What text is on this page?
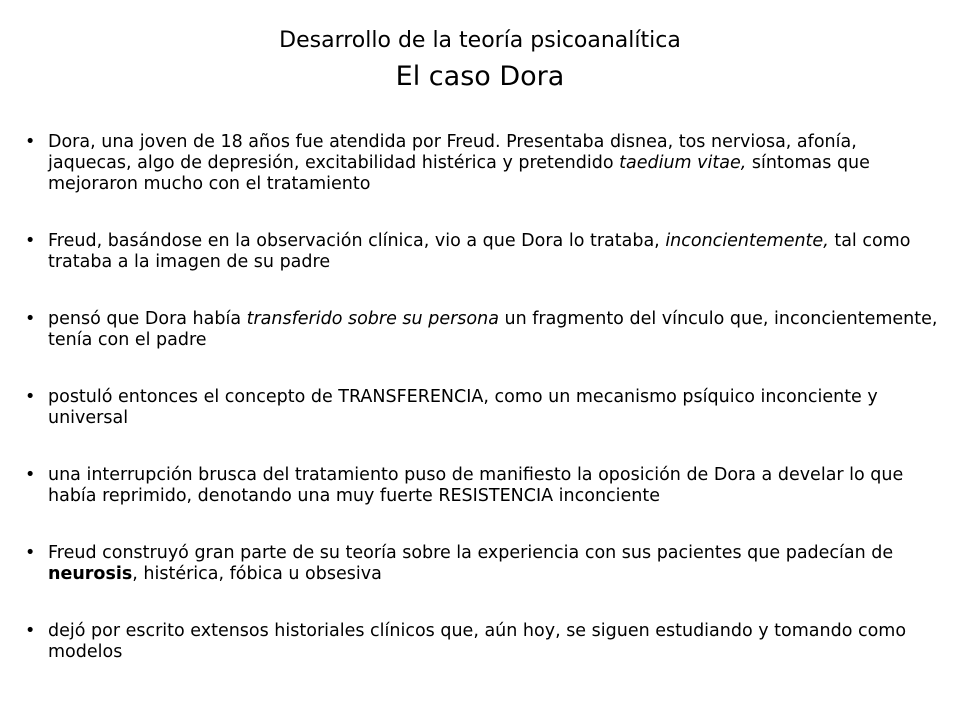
Desarrollo de la teoría psicoanalítica
El caso Dora
• Dora, una joven de 18 años fue atendida por Freud. Presentaba disnea, tos nerviosa, afonía, jaquecas, algo de depresión, excitabilidad histérica y pretendido taedium vitae, síntomas que mejoraron mucho con el tratamiento
• Freud, basándose en la observación clínica, vio a que Dora lo trataba, inconcientemente, tal como trataba a la imagen de su padre
• pensó que Dora había transferido sobre su persona un fragmento del vínculo que, inconcientemente, tenía con el padre
• postuló entonces el concepto de TRANSFERENCIA, como un mecanismo psíquico inconciente y universal
• una interrupción brusca del tratamiento puso de manifiesto la oposición de Dora a develar lo que había reprimido, denotando una muy fuerte RESISTENCIA inconciente
• Freud construyó gran parte de su teoría sobre la experiencia con sus pacientes que padecían de neurosis, histérica, fóbica u obsesiva
• dejó por escrito extensos historiales clínicos que, aún hoy, se siguen estudiando y tomando como modelos
